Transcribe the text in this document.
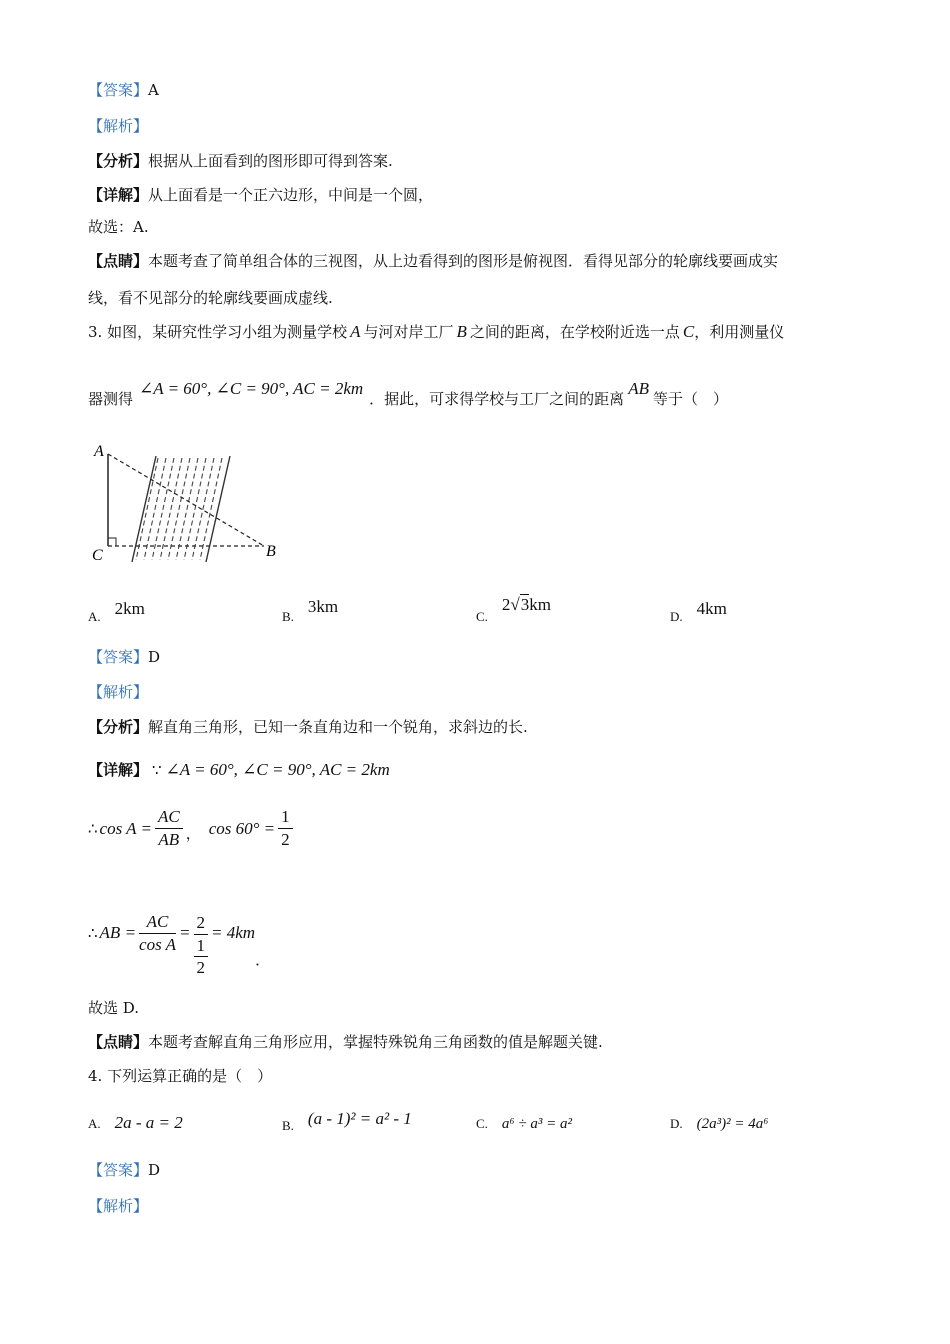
【答案】A
【解析】
【分析】根据从上面看到的图形即可得到答案.
【详解】从上面看是一个正六边形，中间是一个圆，
故选：A.
【点睛】本题考查了简单组合体的三视图，从上边看得到的图形是俯视图．看得见部分的轮廓线要画成实
线，看不见部分的轮廓线要画成虚线.
3. 如图，某研究性学习小组为测量学校 A 与河对岸工厂 B 之间的距离，在学校附近选一点 C，利用测量仪
器测得∠A = 60°, ∠C = 90°, AC = 2km．据此，可求得学校与工厂之间的距离AB等于（　）
A
C	B
A. 2km	B.3km
C.2√3km
D. 4km
【答案】D
【解析】
【分析】解直角三角形，已知一条直角边和一个锐角，求斜边的长.
【详解】 ∵ ∠A = 60°, ∠C = 90°, AC = 2km
∴ $\cos A = \frac{AC}{AB}$ ， $\cos 60^\circ = \frac{1}{2}$
∴ AB = $\frac{AC}{\text{cos A}} = 2$
1
2 = 4km．
故选 D.
【点睛】本题考查解直角三角形应用，掌握特殊锐角三角函数的值是解题关键.
4. 下列运算正确的是（　）
A. 2a - a = 2	B. (a - 1)² = a² - 1	C. a⁶ ÷ a³ = a²	D. (2a³)² = 4a⁶
【答案】D
【解析】
